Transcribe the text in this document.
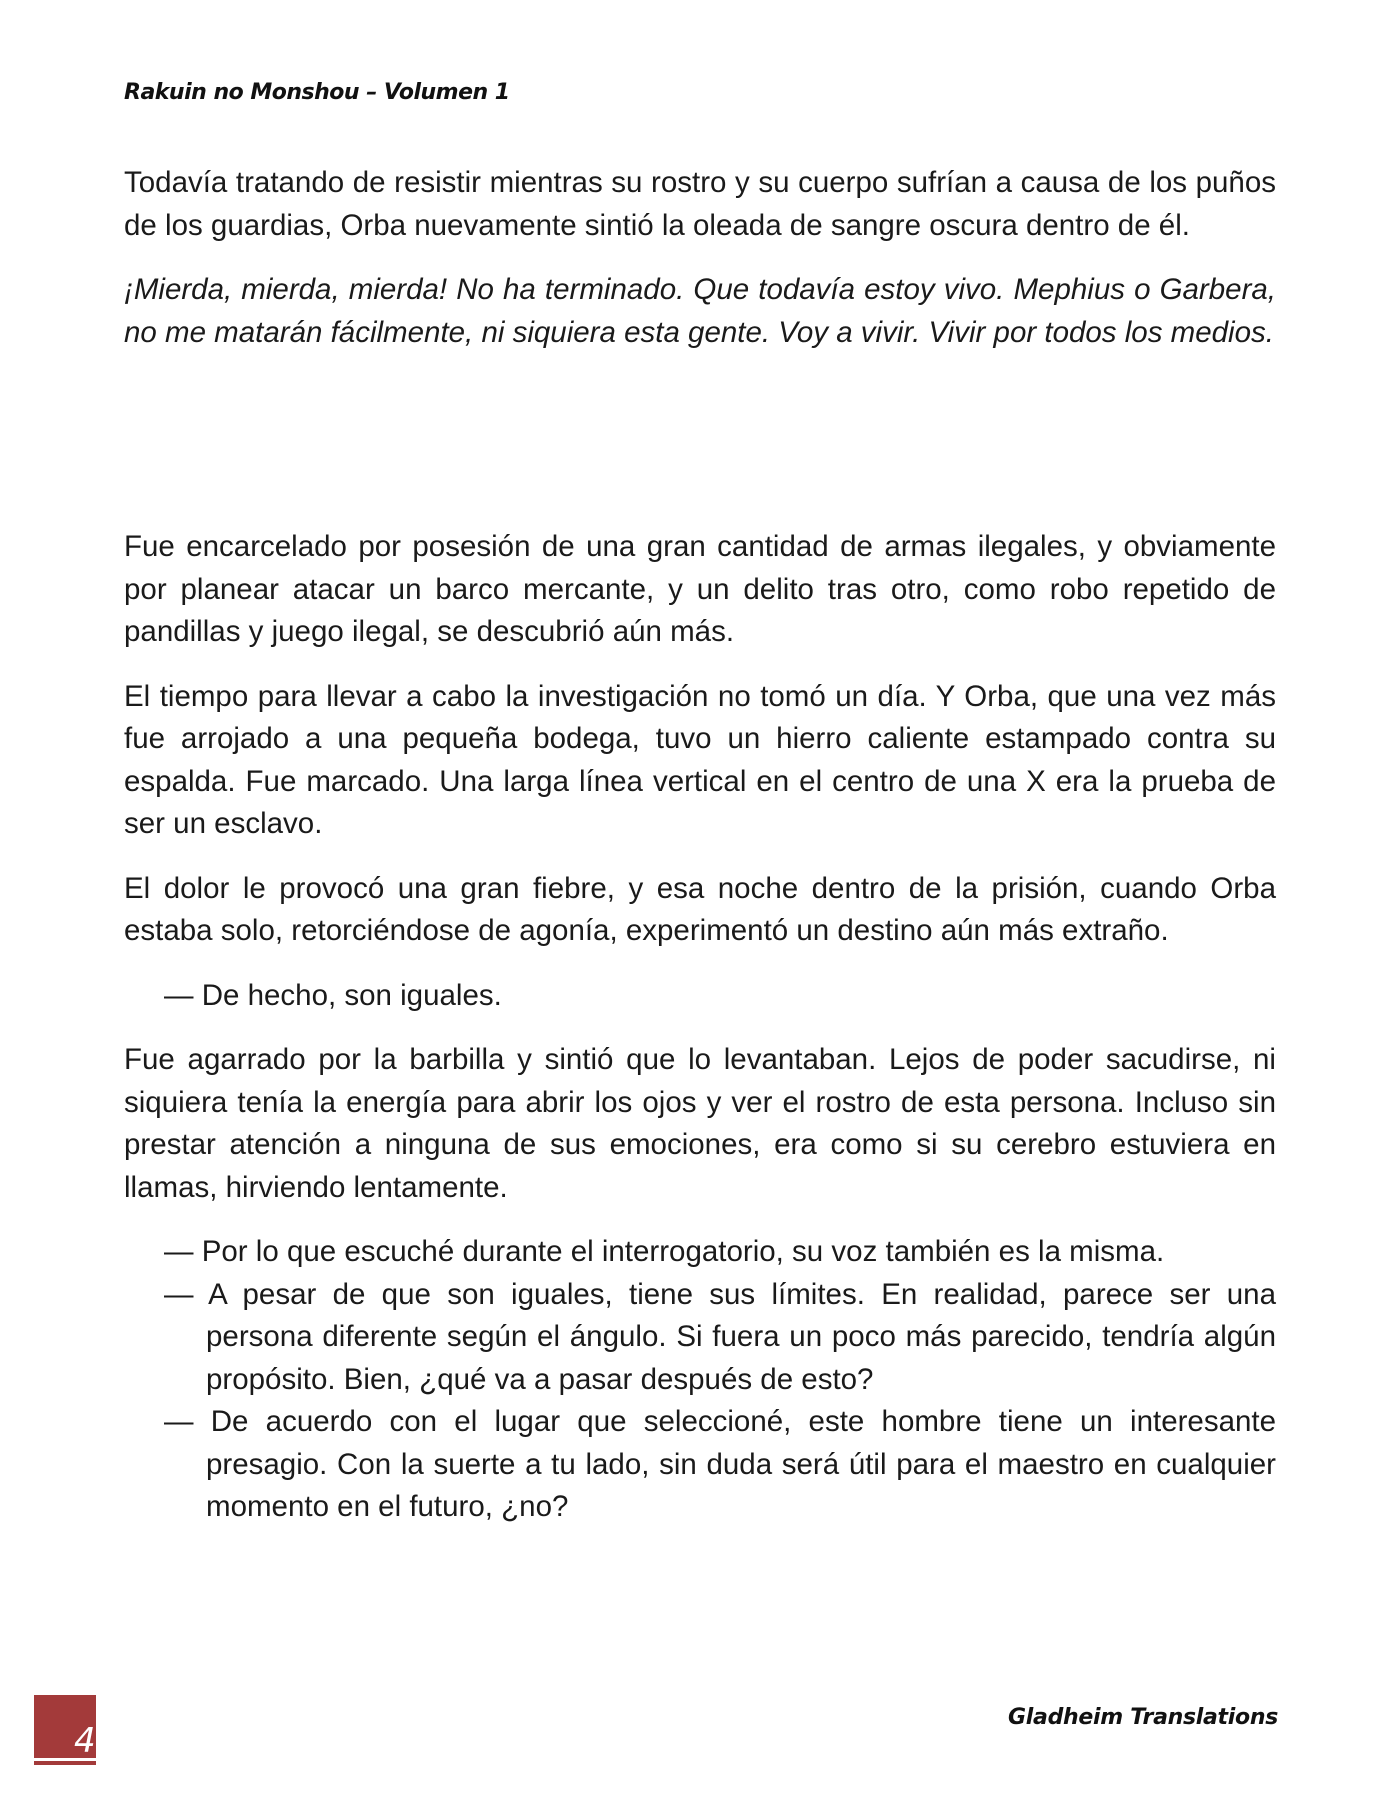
Rakuin no Monshou – Volumen 1

Todavía tratando de resistir mientras su rostro y su cuerpo sufrían a causa de los puños de los guardias, Orba nuevamente sintió la oleada de sangre oscura dentro de él.

¡Mierda, mierda, mierda! No ha terminado. Que todavía estoy vivo. Mephius o Garbera, no me matarán fácilmente, ni siquiera esta gente. Voy a vivir. Vivir por todos los medios.

Fue encarcelado por posesión de una gran cantidad de armas ilegales, y obviamente por planear atacar un barco mercante, y un delito tras otro, como robo repetido de pandillas y juego ilegal, se descubrió aún más.

El tiempo para llevar a cabo la investigación no tomó un día. Y Orba, que una vez más fue arrojado a una pequeña bodega, tuvo un hierro caliente estampado contra su espalda. Fue marcado. Una larga línea vertical en el centro de una X era la prueba de ser un esclavo.

El dolor le provocó una gran fiebre, y esa noche dentro de la prisión, cuando Orba estaba solo, retorciéndose de agonía, experimentó un destino aún más extraño.

— De hecho, son iguales.

Fue agarrado por la barbilla y sintió que lo levantaban. Lejos de poder sacudirse, ni siquiera tenía la energía para abrir los ojos y ver el rostro de esta persona. Incluso sin prestar atención a ninguna de sus emociones, era como si su cerebro estuviera en llamas, hirviendo lentamente.

— Por lo que escuché durante el interrogatorio, su voz también es la misma.

— A pesar de que son iguales, tiene sus límites. En realidad, parece ser una persona diferente según el ángulo. Si fuera un poco más parecido, tendría algún propósito. Bien, ¿qué va a pasar después de esto?

— De acuerdo con el lugar que seleccioné, este hombre tiene un interesante presagio. Con la suerte a tu lado, sin duda será útil para el maestro en cualquier momento en el futuro, ¿no?

4
Gladheim Translations
